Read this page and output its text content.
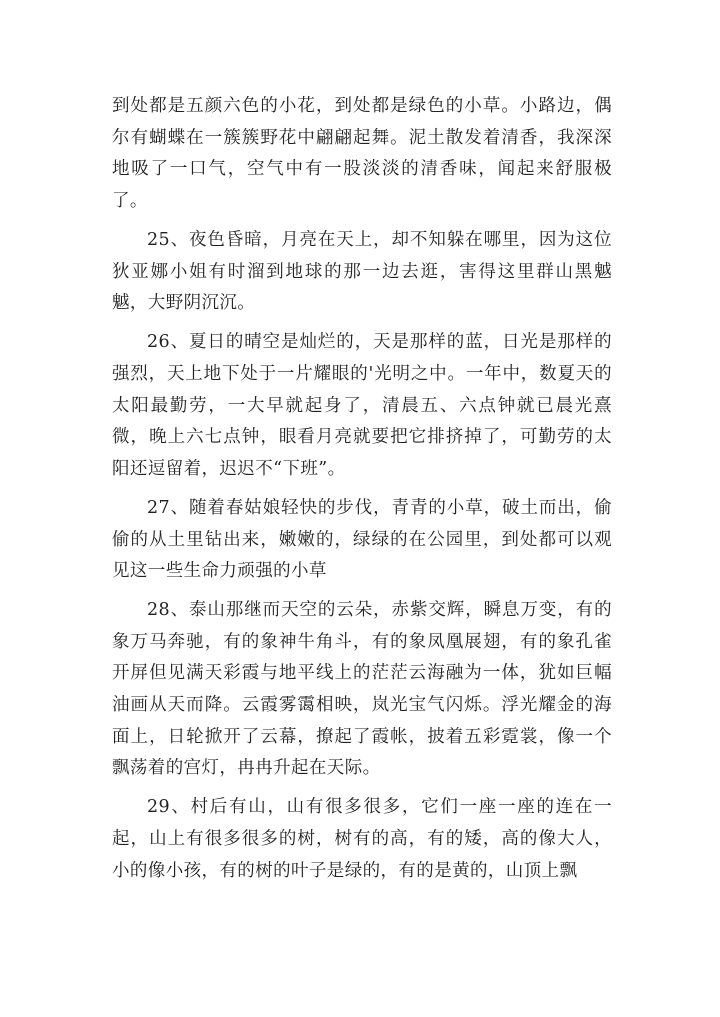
到处都是五颜六色的小花，到处都是绿色的小草。小路边，偶尔有蝴蝶在一簇簇野花中翩翩起舞。泥土散发着清香，我深深地吸了一口气，空气中有一股淡淡的清香味，闻起来舒服极了。

25、夜色昏暗，月亮在天上，却不知躲在哪里，因为这位狄亚娜小姐有时溜到地球的那一边去逛，害得这里群山黑魆魆，大野阴沉沉。

26、夏日的晴空是灿烂的，天是那样的蓝，日光是那样的强烈，天上地下处于一片耀眼的'光明之中。一年中，数夏天的太阳最勤劳，一大早就起身了，清晨五、六点钟就已晨光熹微，晚上六七点钟，眼看月亮就要把它排挤掉了，可勤劳的太阳还逗留着，迟迟不“下班”。

27、随着春姑娘轻快的步伐，青青的小草，破土而出，偷偷的从土里钻出来，嫩嫩的，绿绿的在公园里，到处都可以观见这一些生命力顽强的小草

28、泰山那继而天空的云朵，赤紫交辉，瞬息万变，有的象万马奔驰，有的象神牛角斗，有的象凤凰展翅，有的象孔雀开屏但见满天彩霞与地平线上的茫茫云海融为一体，犹如巨幅油画从天而降。云霞雾霭相映，岚光宝气闪烁。浮光耀金的海面上，日轮掀开了云幕，撩起了霞帐，披着五彩霓裳，像一个飘荡着的宫灯，冉冉升起在天际。

29、村后有山，山有很多很多，它们一座一座的连在一起，山上有很多很多的树，树有的高，有的矮，高的像大人，小的像小孩，有的树的叶子是绿的，有的是黄的，山顶上飘
